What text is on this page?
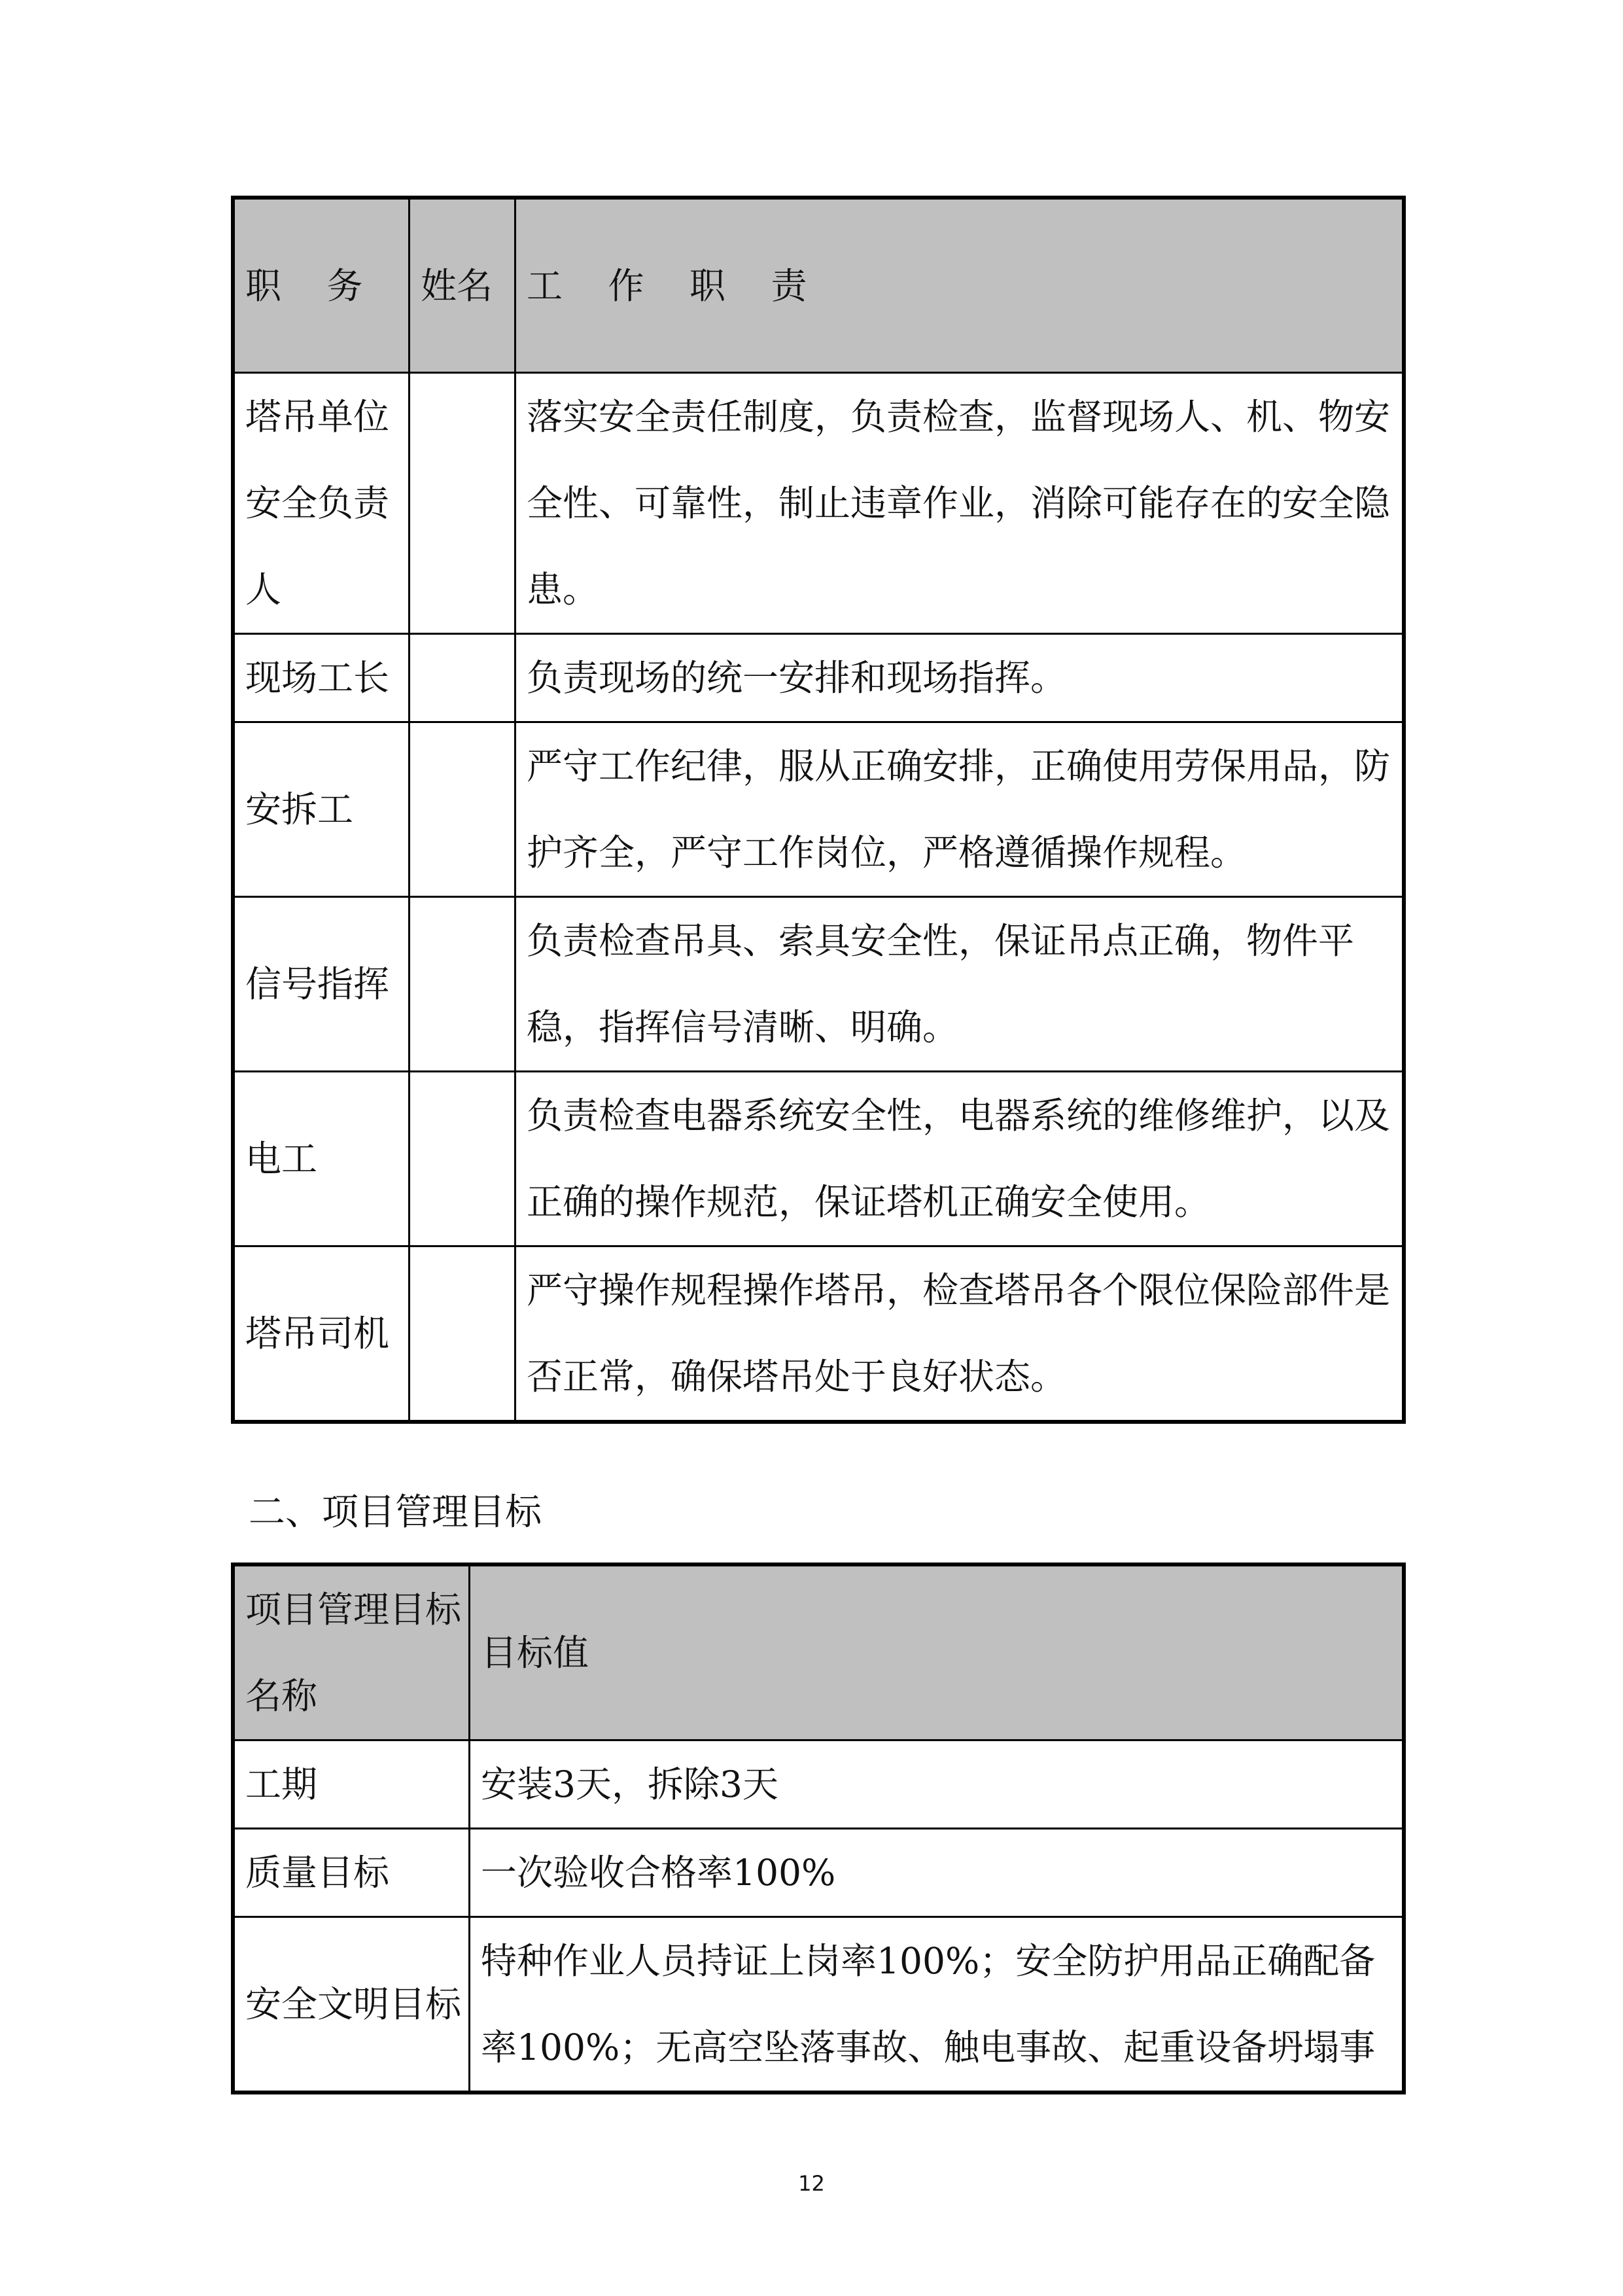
职 务	姓名	工 作 职 责
塔吊单位安全负责人		落实安全责任制度，负责检查，监督现场人、机、物安全性、可靠性，制止违章作业，消除可能存在的安全隐患。
现场工长		负责现场的统一安排和现场指挥。
安拆工		严守工作纪律，服从正确安排，正确使用劳保用品，防护齐全，严守工作岗位，严格遵循操作规程。
信号指挥		负责检查吊具、索具安全性，保证吊点正确，物件平稳，指挥信号清晰、明确。
电工		负责检查电器系统安全性，电器系统的维修维护，以及正确的操作规范，保证塔机正确安全使用。
塔吊司机		严守操作规程操作塔吊，检查塔吊各个限位保险部件是否正常，确保塔吊处于良好状态。
二、项目管理目标
项目管理目标名称	目标值
工期	安装3天，拆除3天
质量目标	一次验收合格率100%
安全文明目标	特种作业人员持证上岗率100%；安全防护用品正确配备率100%；无高空坠落事故、触电事故、起重设备坍塌事
12
